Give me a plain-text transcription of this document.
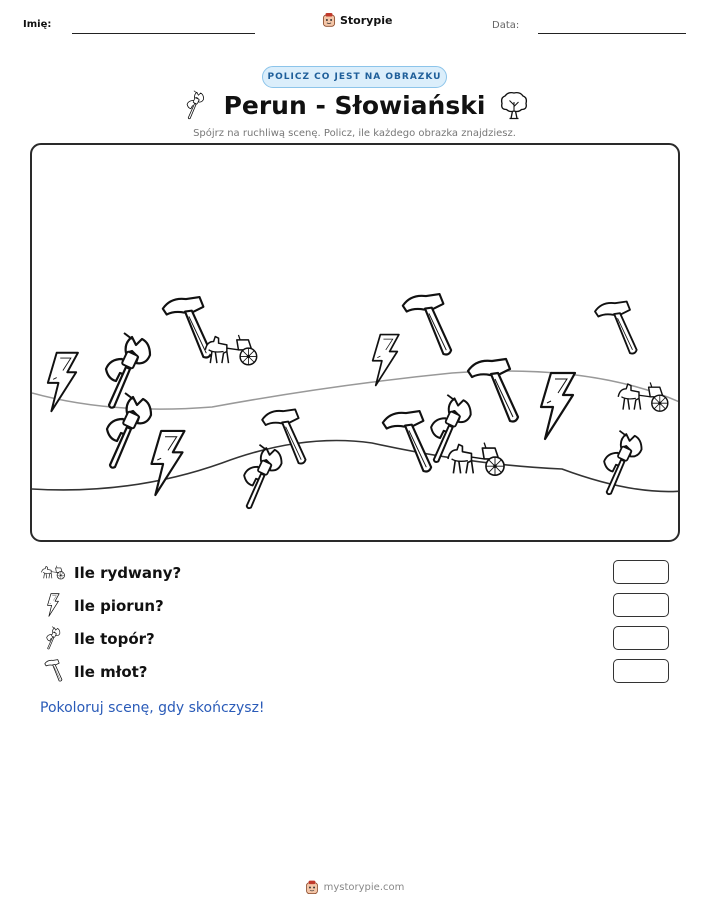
Imię:	Storypie	Data:
POLICZ CO JEST NA OBRAZKU
Perun - Słowiański
Spójrz na ruchliwą scenę. Policz, ile każdego obrazka znajdziesz.
Ile rydwany?
Ile piorun?
Ile topór?
Ile młot?
Pokoloruj scenę, gdy skończysz!
mystorypie.com
